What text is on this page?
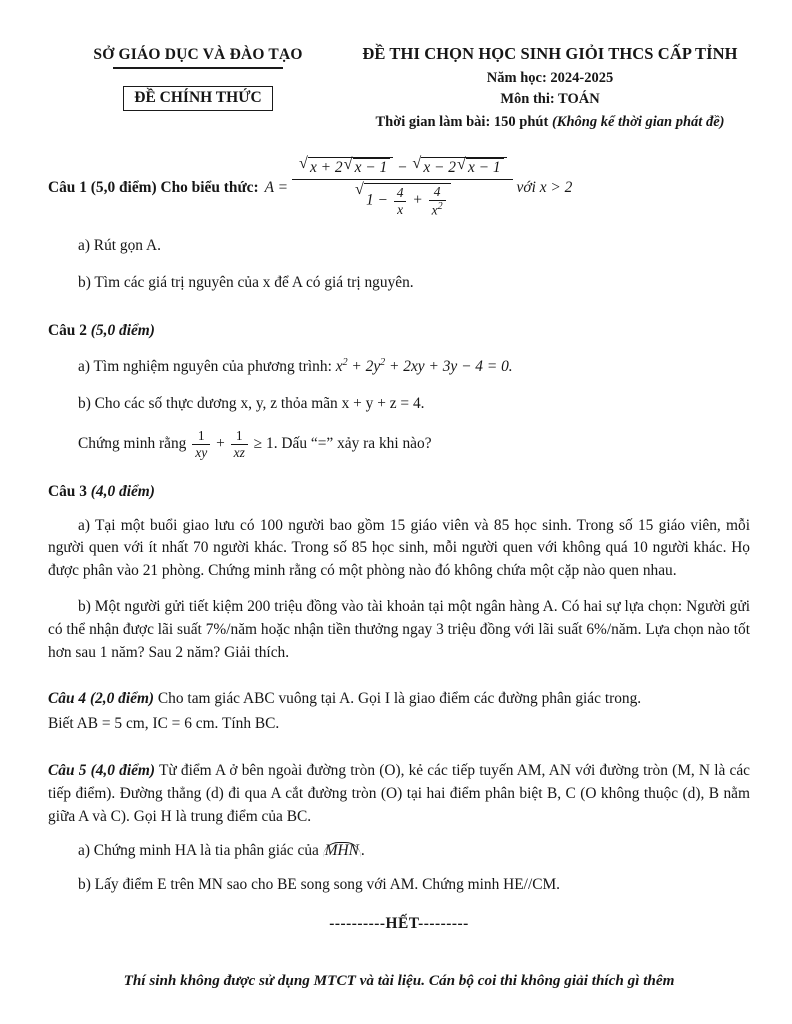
SỞ GIÁO DỤC VÀ ĐÀO TẠO
ĐỀ CHÍNH THỨC
ĐỀ THI CHỌN HỌC SINH GIỎI THCS CẤP TỈNH
Năm học: 2024-2025
Môn thi: TOÁN
Thời gian làm bài: 150 phút (Không kể thời gian phát đề)
Câu 1 (5,0 điểm) Cho biểu thức: A =
√ x + 2 √ x − 1 − √ x − 2 √ x − 1
√
$1 - \frac{4}{x} + \frac{4}{x^2}$	với x > 2
a) Rút gọn A.
b) Tìm các giá trị nguyên của x để A có giá trị nguyên.
Câu 2 (5,0 điểm)
a) Tìm nghiệm nguyên của phương trình: $x^2 + 2y^2 + 2xy + 3y - 4 = 0$.
b) Cho các số thực dương x, y, z thỏa mãn x + y + z = 4.
Chứng minh rằng $\frac{1}{xy} + \frac{1}{xz} \ge 1$. Dấu “=” xảy ra khi nào?
Câu 3 (4,0 điểm)
a) Tại một buổi giao lưu có 100 người bao gồm 15 giáo viên và 85 học sinh. Trong số 15 giáo viên, mỗi người quen với ít nhất 70 người khác. Trong số 85 học sinh, mỗi người quen với không quá 10 người khác. Họ được phân vào 21 phòng. Chứng minh rằng có một phòng nào đó không chứa một cặp nào quen nhau.
b) Một người gửi tiết kiệm 200 triệu đồng vào tài khoản tại một ngân hàng A. Có hai sự lựa chọn: Người gửi có thể nhận được lãi suất 7%/năm hoặc nhận tiền thưởng ngay 3 triệu đồng với lãi suất 6%/năm. Lựa chọn nào tốt hơn sau 1 năm? Sau 2 năm? Giải thích.
Câu 4 (2,0 điểm) Cho tam giác ABC vuông tại A. Gọi I là giao điểm các đường phân giác trong.
Biết AB = 5 cm, IC = 6 cm. Tính BC.
Câu 5 (4,0 điểm) Từ điểm A ở bên ngoài đường tròn (O), kẻ các tiếp tuyến AM, AN với đường tròn (M, N là các tiếp điểm). Đường thẳng (d) đi qua A cắt đường tròn (O) tại hai điểm phân biệt B, C (O không thuộc (d), B nằm giữa A và C). Gọi H là trung điểm của BC.
a) Chứng minh HA là tia phân giác của MHN .
b) Lấy điểm E trên MN sao cho BE song song với AM. Chứng minh HE//CM.
----------HẾT---------
Thí sinh không được sử dụng MTCT và tài liệu. Cán bộ coi thi không giải thích gì thêm
